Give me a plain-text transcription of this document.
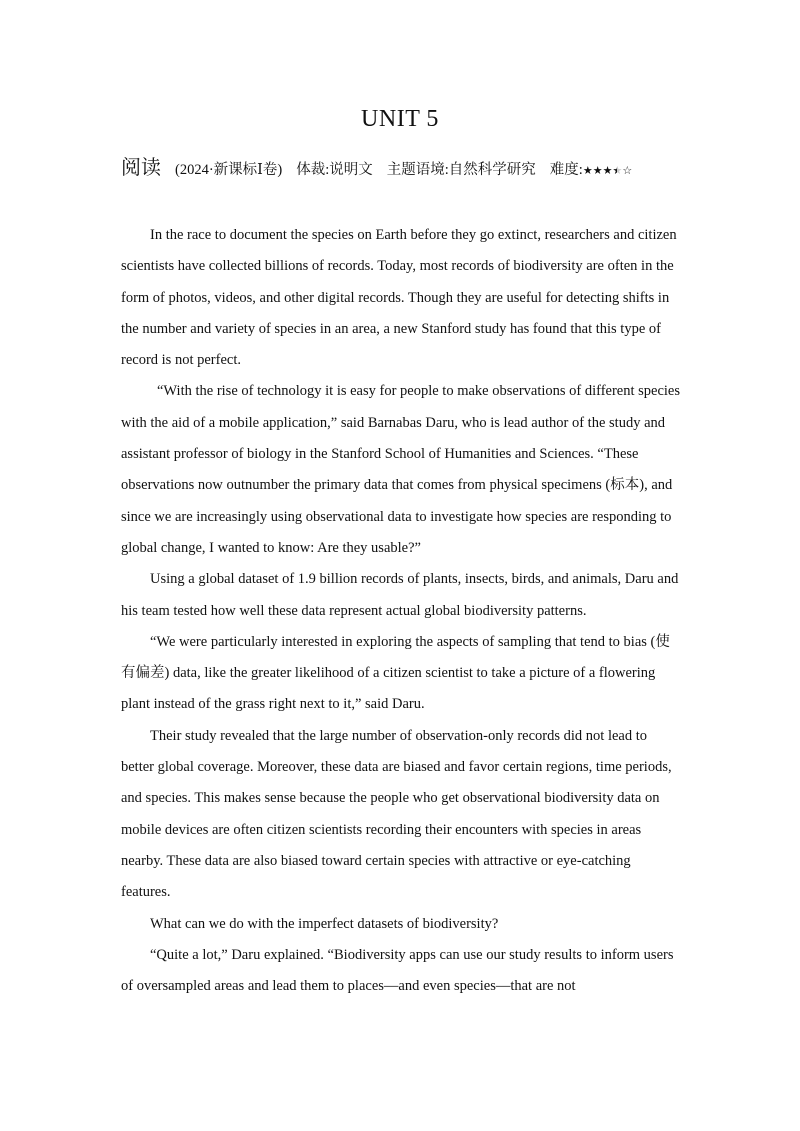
UNIT 5
阅读 (2024·新课标Ⅰ卷) 体裁:说明文 主题语境:自然科学研究 难度:★★★★ ★☆

In the race to document the species on Earth before they go extinct, researchers and citizen scientists have collected billions of records. Today, most records of biodiversity are often in the form of photos, videos, and other digital records. Though they are useful for detecting shifts in the number and variety of species in an area, a new Stanford study has found that this type of record is not perfect.

“With the rise of technology it is easy for people to make observations of different species with the aid of a mobile application,” said Barnabas Daru, who is lead author of the study and assistant professor of biology in the Stanford School of Humanities and Sciences. “These observations now outnumber the primary data that comes from physical specimens (标本), and since we are increasingly using observational data to investigate how species are responding to global change, I wanted to know: Are they usable?”

Using a global dataset of 1.9 billion records of plants, insects, birds, and animals, Daru and his team tested how well these data represent actual global biodiversity patterns.

“We were particularly interested in exploring the aspects of sampling that tend to bias (使有偏差) data, like the greater likelihood of a citizen scientist to take a picture of a flowering plant instead of the grass right next to it,” said Daru.

Their study revealed that the large number of observation-only records did not lead to better global coverage. Moreover, these data are biased and favor certain regions, time periods, and species. This makes sense because the people who get observational biodiversity data on mobile devices are often citizen scientists recording their encounters with species in areas nearby. These data are also biased toward certain species with attractive or eye-catching features.

What can we do with the imperfect datasets of biodiversity?

“Quite a lot,” Daru explained. “Biodiversity apps can use our study results to inform users of oversampled areas and lead them to places—and even species—that are not
